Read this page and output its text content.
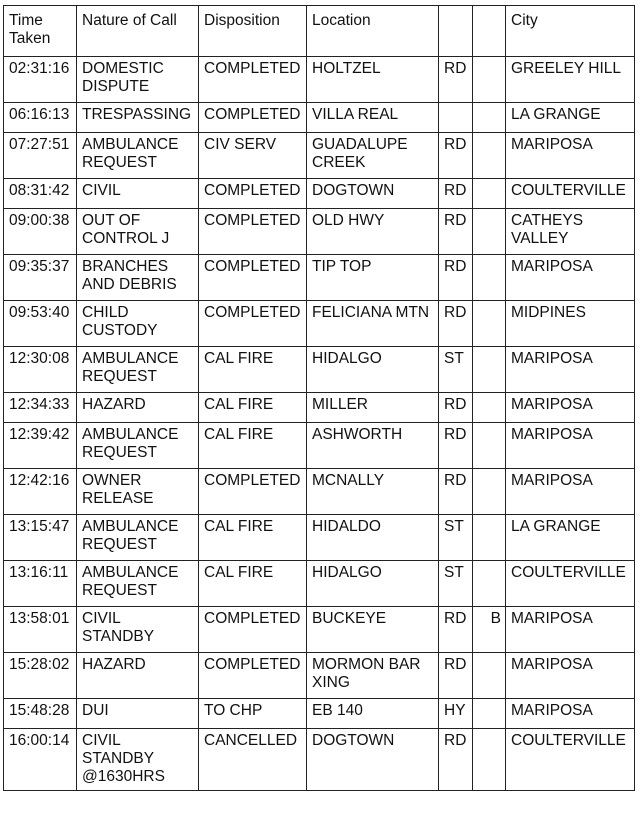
Time Taken	Nature of Call	Disposition	Location			City
02:31:16	DOMESTIC DISPUTE	COMPLETED	HOLTZEL	RD		GREELEY HILL
06:16:13	TRESPASSING	COMPLETED	VILLA REAL			LA GRANGE
07:27:51	AMBULANCE REQUEST	CIV SERV	GUADALUPE CREEK	RD		MARIPOSA
08:31:42	CIVIL	COMPLETED	DOGTOWN	RD		COULTERVILLE
09:00:38	OUT OF CONTROL J	COMPLETED	OLD HWY	RD		CATHEYS VALLEY
09:35:37	BRANCHES AND DEBRIS	COMPLETED	TIP TOP	RD		MARIPOSA
09:53:40	CHILD CUSTODY	COMPLETED	FELICIANA MTN	RD		MIDPINES
12:30:08	AMBULANCE REQUEST	CAL FIRE	HIDALGO	ST		MARIPOSA
12:34:33	HAZARD	CAL FIRE	MILLER	RD		MARIPOSA
12:39:42	AMBULANCE REQUEST	CAL FIRE	ASHWORTH	RD		MARIPOSA
12:42:16	OWNER RELEASE	COMPLETED	MCNALLY	RD		MARIPOSA
13:15:47	AMBULANCE REQUEST	CAL FIRE	HIDALDO	ST		LA GRANGE
13:16:11	AMBULANCE REQUEST	CAL FIRE	HIDALGO	ST		COULTERVILLE
13:58:01	CIVIL STANDBY	COMPLETED	BUCKEYE	RD	B	MARIPOSA
15:28:02	HAZARD	COMPLETED	MORMON BAR XING	RD		MARIPOSA
15:48:28	DUI	TO CHP	EB 140	HY		MARIPOSA
16:00:14	CIVIL STANDBY @1630HRS	CANCELLED	DOGTOWN	RD		COULTERVILLE
